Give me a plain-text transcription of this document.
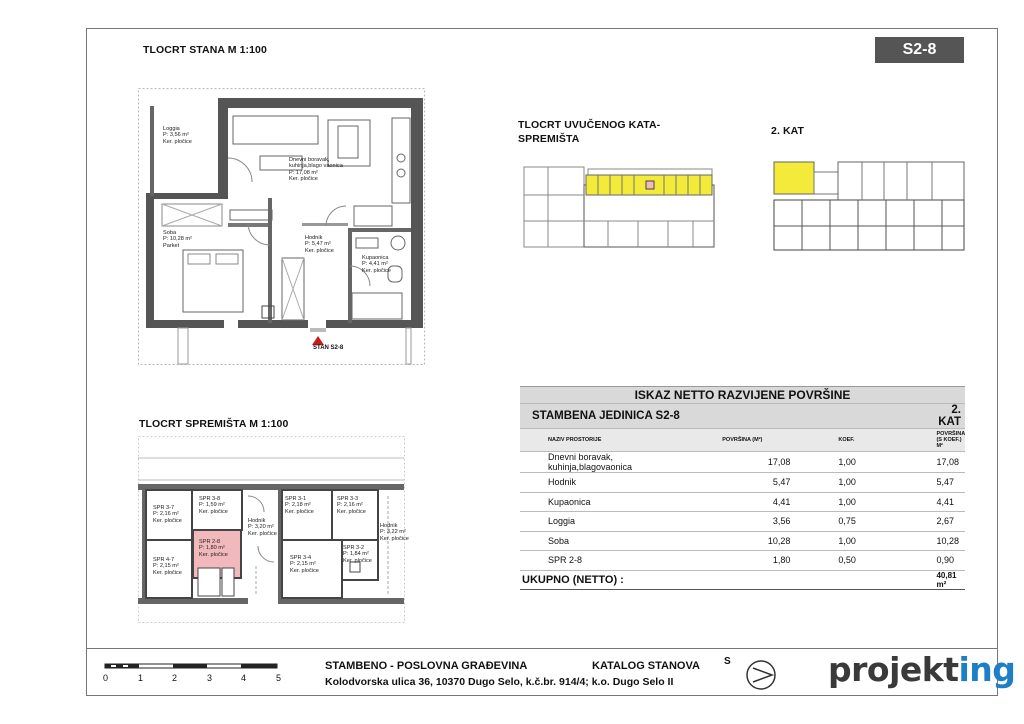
S2-8
TLOCRT STANA M 1:100
STAN S2-8
Loggia
P: 3,56 m²
Ker. pločice
Dnevni boravak, kuhinja,blago vaonica
P: 17,08 m²
Ker. pločice
Soba
P: 10,28 m²
Parket
Hodnik
P: 5,47 m²
Ker. pločice
Kupaonica
P: 4,41 m²
Ker. pločice
TLOCRT SPREMIŠTA M 1:100
SPR 3-7
P: 2,16 m²
Ker. pločice
SPR 3-8
P: 1,59 m²
Ker. pločice
SPR 4-7
P: 2,15 m²
Ker. pločice
SPR 2-8
P: 1,80 m²
Ker. pločice
Hodnik
P: 3,20 m²
Ker. pločice
SPR 3-1
P: 2,18 m²
Ker. pločice
SPR 3-3
P: 2,16 m²
Ker. pločice
SPR 3-4
P: 2,15 m²
Ker. pločice
SPR 3-2
P: 1,84 m²
Ker. pločice
Hodnik
P: 3,22 m²
Ker. pločice
TLOCRT UVUČENOG KATA-
SPREMIŠTA
2. KAT
ISKAZ NETTO RAZVIJENE POVRŠINE			
STAMBENA JEDINICA S2-8			2. KAT
NAZIV PROSTORIJE	POVRŠINA (M²)	KOEF.	POVRŠINA (S KOEF.) M²
Dnevni boravak, kuhinja,blagovaonica	17,08	1,00	17,08
Hodnik	5,47	1,00	5,47
Kupaonica	4,41	1,00	4,41
Loggia	3,56	0,75	2,67
Soba	10,28	1,00	10,28
SPR 2-8	1,80	0,50	0,90
UKUPNO (NETTO) :			40,81 m²
0	1	2	3	4	5
STAMBENO - POSLOVNA GRAĐEVINA	KATALOG STANOVA
Kolodvorska ulica 36, 10370 Dugo Selo, k.č.br. 914/4; k.o. Dugo Selo II
S	projekting
